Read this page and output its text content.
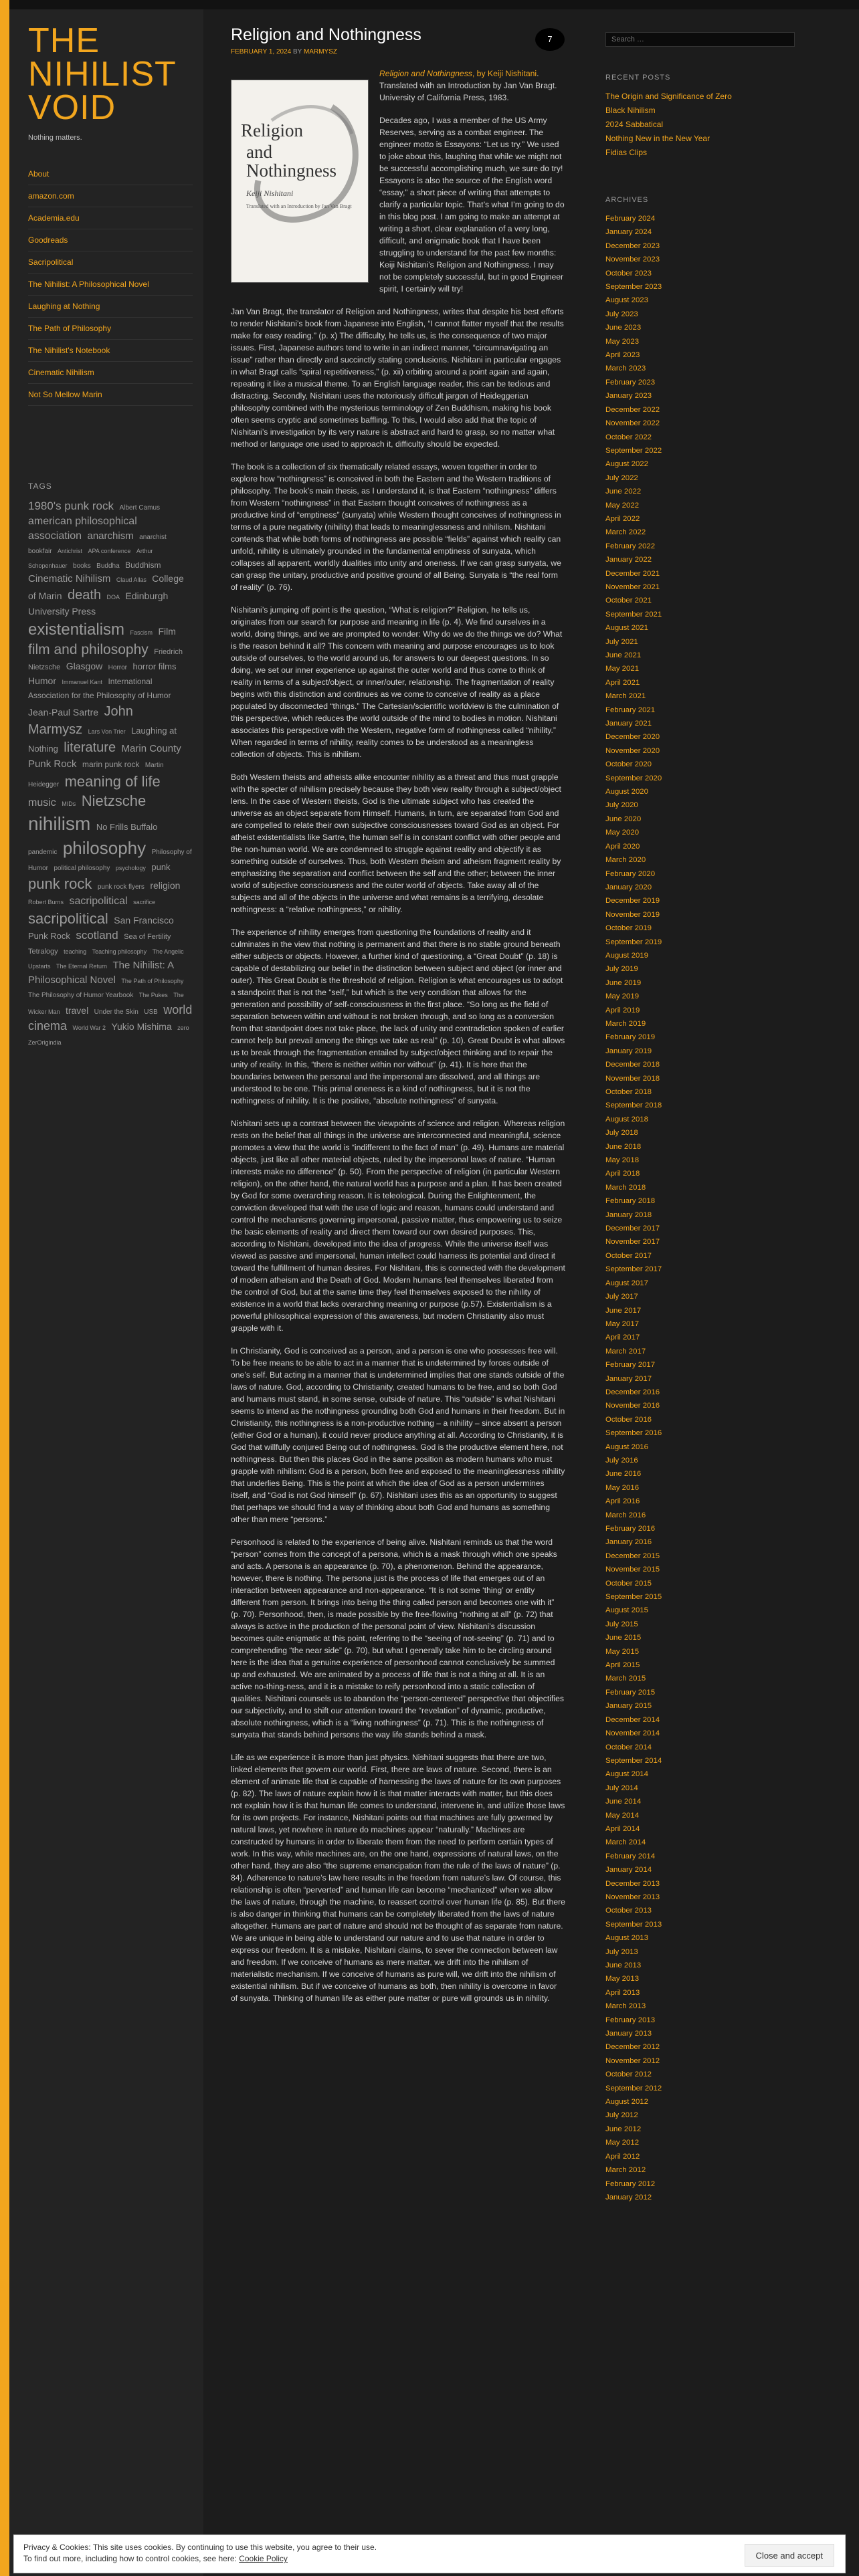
THE NIHILIST VOID
Nothing matters.
About
amazon.com
Academia.edu
Goodreads
Sacripolitical
The Nihilist: A Philosophical Novel
Laughing at Nothing
The Path of Philosophy
The Nihilist's Notebook
Cinematic Nihilism
Not So Mellow Marin
TAGS
1980's punk rock Albert Camus american philosophical association anarchism anarchist bookfair Antichrist APA conference Arthur Schopenhauer books Buddha Buddhism Cinematic Nihilism Claud Allas College of Marin death DOA Edinburgh University Press existentialism Fascism Film film and philosophy Friedrich Nietzsche Glasgow Horror horror films Humor Immanuel Kant International Association for the Philosophy of Humor Jean-Paul Sartre John Marmysz Lars Von Trier Laughing at Nothing literature Marin County Punk Rock marin punk rock Martin Heidegger meaning of life music MIDs Nietzsche nihilism No Frills Buffalo pandemic philosophy Philosophy of Humor political philosophy psychology punk punk rock punk rock flyers religion Robert Burns sacripolitical sacrifice sacripolitical San Francisco Punk Rock scotland Sea of Fertility Tetralogy teaching Teaching philosophy The Angelic Upstarts The Eternal Return The Nihilist: A Philosophical Novel The Path of Philosophy The Philosophy of Humor Yearbook The Pukes The Wicker Man travel Under the Skin USB world cinema World War 2 Yukio Mishima zero ZerOrigindia
Religion and Nothingness
FEBRUARY 1, 2024 BY MARMYSZ
7
Religion
and
Nothingness
Keiji Nishitani
Translated with an Introduction by Jan Van Bragt

Religion and Nothingness, by Keiji Nishitani. Translated with an Introduction by Jan Van Bragt. University of California Press, 1983.

Decades ago, I was a member of the US Army Reserves, serving as a combat engineer. The engineer motto is Essayons: “Let us try.” We used to joke about this, laughing that while we might not be successful accomplishing much, we sure do try! Essayons is also the source of the English word “essay,” a short piece of writing that attempts to clarify a particular topic. That’s what I’m going to do in this blog post. I am going to make an attempt at writing a short, clear explanation of a very long, difficult, and enigmatic book that I have been struggling to understand for the past few months: Keiji Nishitani’s Religion and Nothingness. I may not be completely successful, but in good Engineer spirit, I certainly will try!

Jan Van Bragt, the translator of Religion and Nothingness, writes that despite his best efforts to render Nishitani’s book from Japanese into English, “I cannot flatter myself that the results make for easy reading.” (p. x) The difficulty, he tells us, is the consequence of two major issues. First, Japanese authors tend to write in an indirect manner, “circumnavigating an issue” rather than directly and succinctly stating conclusions. Nishitani in particular engages in what Bragt calls “spiral repetitiveness,” (p. xii) orbiting around a point again and again, repeating it like a musical theme. To an English language reader, this can be tedious and distracting. Secondly, Nishitani uses the notoriously difficult jargon of Heideggerian philosophy combined with the mysterious terminology of Zen Buddhism, making his book often seems cryptic and sometimes baffling. To this, I would also add that the topic of Nishitani’s investigation by its very nature is abstract and hard to grasp, so no matter what method or language one used to approach it, difficulty should be expected.

The book is a collection of six thematically related essays, woven together in order to explore how “nothingness” is conceived in both the Eastern and the Western traditions of philosophy. The book’s main thesis, as I understand it, is that Eastern “nothingness” differs from Western “nothingness” in that Eastern thought conceives of nothingness as a productive kind of “emptiness” (sunyata) while Western thought conceives of nothingness in terms of a pure negativity (nihility) that leads to meaninglessness and nihilism. Nishitani contends that while both forms of nothingness are possible “fields” against which reality can unfold, nihility is ultimately grounded in the fundamental emptiness of sunyata, which collapses all apparent, worldly dualities into unity and oneness. If we can grasp sunyata, we can grasp the unitary, productive and positive ground of all Being. Sunyata is “the real form of reality” (p. 76).

Nishitani’s jumping off point is the question, “What is religion?” Religion, he tells us, originates from our search for purpose and meaning in life (p. 4). We find ourselves in a world, doing things, and we are prompted to wonder: Why do we do the things we do? What is the reason behind it all? This concern with meaning and purpose encourages us to look outside of ourselves, to the world around us, for answers to our deepest questions. In so doing, we set our inner experience up against the outer world and thus come to think of reality in terms of a subject/object, or inner/outer, relationship. The fragmentation of reality begins with this distinction and continues as we come to conceive of reality as a place populated by disconnected “things.” The Cartesian/scientific worldview is the culmination of this perspective, which reduces the world outside of the mind to bodies in motion. Nishitani associates this perspective with the Western, negative form of nothingness called “nihility.” When regarded in terms of nihility, reality comes to be understood as a meaningless collection of objects. This is nihilism.

Both Western theists and atheists alike encounter nihility as a threat and thus must grapple with the specter of nihilism precisely because they both view reality through a subject/object lens. In the case of Western theists, God is the ultimate subject who has created the universe as an object separate from Himself. Humans, in turn, are separated from God and are compelled to relate their own subjective consciousnesses toward God as an object. For atheist existentialists like Sartre, the human self is in constant conflict with other people and the non-human world. We are condemned to struggle against reality and objectify it as something outside of ourselves. Thus, both Western theism and atheism fragment reality by emphasizing the separation and conflict between the self and the other; between the inner world of subjective consciousness and the outer world of objects. Take away all of the subjects and all of the objects in the universe and what remains is a terrifying, desolate nothingness: a “relative nothingness,” or nihility.

The experience of nihility emerges from questioning the foundations of reality and it culminates in the view that nothing is permanent and that there is no stable ground beneath either subjects or objects. However, a further kind of questioning, a “Great Doubt” (p. 18) is capable of destabilizing our belief in the distinction between subject and object (or inner and outer). This Great Doubt is the threshold of religion. Religion is what encourages us to adopt a standpoint that is not the “self,” but which is the very condition that allows for the generation and possibility of self-consciousness in the first place. “So long as the field of separation between within and without is not broken through, and so long as a conversion from that standpoint does not take place, the lack of unity and contradiction spoken of earlier cannot help but prevail among the things we take as real” (p. 10). Great Doubt is what allows us to break through the fragmentation entailed by subject/object thinking and to repair the unity of reality. In this, “there is neither within nor without” (p. 41). It is here that the boundaries between the personal and the impersonal are dissolved, and all things are understood to be one. This primal oneness is a kind of nothingness, but it is not the nothingness of nihility. It is the positive, “absolute nothingness” of sunyata.

Nishitani sets up a contrast between the viewpoints of science and religion. Whereas religion rests on the belief that all things in the universe are interconnected and meaningful, science promotes a view that the world is “indifferent to the fact of man” (p. 49). Humans are material objects, just like all other material objects, ruled by the impersonal laws of nature. “Human interests make no difference” (p. 50). From the perspective of religion (in particular Western religion), on the other hand, the natural world has a purpose and a plan. It has been created by God for some overarching reason. It is teleological. During the Enlightenment, the conviction developed that with the use of logic and reason, humans could understand and control the mechanisms governing impersonal, passive matter, thus empowering us to seize the basic elements of reality and direct them toward our own desired purposes. This, according to Nishitani, developed into the idea of progress. While the universe itself was viewed as passive and impersonal, human intellect could harness its potential and direct it toward the fulfillment of human desires. For Nishitani, this is connected with the development of modern atheism and the Death of God. Modern humans feel themselves liberated from the control of God, but at the same time they feel themselves exposed to the nihility of existence in a world that lacks overarching meaning or purpose (p.57). Existentialism is a powerful philosophical expression of this awareness, but modern Christianity also must grapple with it.

In Christianity, God is conceived as a person, and a person is one who possesses free will. To be free means to be able to act in a manner that is undetermined by forces outside of one’s self. But acting in a manner that is undetermined implies that one stands outside of the laws of nature. God, according to Christianity, created humans to be free, and so both God and humans must stand, in some sense, outside of nature. This “outside” is what Nishitani seems to intend as the nothingness grounding both God and humans in their freedom. But in Christianity, this nothingness is a non-productive nothing – a nihility – since absent a person (either God or a human), it could never produce anything at all. According to Christianity, it is God that willfully conjured Being out of nothingness. God is the productive element here, not nothingness. But then this places God in the same position as modern humans who must grapple with nihilism: God is a person, both free and exposed to the meaninglessness nihility that underlies Being. This is the point at which the idea of God as a person undermines itself, and “God is not God himself” (p. 67). Nishitani uses this as an opportunity to suggest that perhaps we should find a way of thinking about both God and humans as something other than mere “persons.”

Personhood is related to the experience of being alive. Nishitani reminds us that the word “person” comes from the concept of a persona, which is a mask through which one speaks and acts. A persona is an appearance (p. 70), a phenomenon. Behind the appearance, however, there is nothing. The persona just is the process of life that emerges out of an interaction between appearance and non-appearance. “It is not some ‘thing’ or entity different from person. It brings into being the thing called person and becomes one with it” (p. 70). Personhood, then, is made possible by the free-flowing “nothing at all” (p. 72) that always is active in the production of the personal point of view. Nishitani’s discussion becomes quite enigmatic at this point, referring to the “seeing of not-seeing” (p. 71) and to comprehending “the near side” (p. 70), but what I generally take him to be circling around here is the idea that a genuine experience of personhood cannot conclusively be summed up and exhausted. We are animated by a process of life that is not a thing at all. It is an active no-thing-ness, and it is a mistake to reify personhood into a static collection of qualities. Nishitani counsels us to abandon the “person-centered” perspective that objectifies our subjectivity, and to shift our attention toward the “revelation” of dynamic, productive, absolute nothingness, which is a “living nothingness” (p. 71). This is the nothingness of sunyata that stands behind persons the way life stands behind a mask.

Life as we experience it is more than just physics. Nishitani suggests that there are two, linked elements that govern our world. First, there are laws of nature. Second, there is an element of animate life that is capable of harnessing the laws of nature for its own purposes (p. 82). The laws of nature explain how it is that matter interacts with matter, but this does not explain how it is that human life comes to understand, intervene in, and utilize those laws for its own projects. For instance, Nishitani points out that machines are fully governed by natural laws, yet nowhere in nature do machines appear “naturally.” Machines are constructed by humans in order to liberate them from the need to perform certain types of work. In this way, while machines are, on the one hand, expressions of natural laws, on the other hand, they are also “the supreme emancipation from the rule of the laws of nature” (p. 84). Adherence to nature’s law here results in the freedom from nature’s law. Of course, this relationship is often “perverted” and human life can become “mechanized” when we allow the laws of nature, through the machine, to reassert control over human life (p. 85). But there is also danger in thinking that humans can be completely liberated from the laws of nature altogether. Humans are part of nature and should not be thought of as separate from nature. We are unique in being able to understand our nature and to use that nature in order to express our freedom. It is a mistake, Nishitani claims, to sever the connection between law and freedom. If we conceive of humans as mere matter, we drift into the nihilism of materialistic mechanism. If we conceive of humans as pure will, we drift into the nihilism of existential nihilism. But if we conceive of humans as both, then nihility is overcome in favor of sunyata. Thinking of human life as either pure matter or pure will grounds us in nihility.

Search …
RECENT POSTS
The Origin and Significance of Zero
Black Nihilism
2024 Sabbatical
Nothing New in the New Year
Fidias Clips
ARCHIVES
February 2024
January 2024
December 2023
November 2023
October 2023
September 2023
August 2023
July 2023
June 2023
May 2023
April 2023
March 2023
February 2023
January 2023
December 2022
November 2022
October 2022
September 2022
August 2022
July 2022
June 2022
May 2022
April 2022
March 2022
February 2022
January 2022
December 2021
November 2021
October 2021
September 2021
August 2021
July 2021
June 2021
May 2021
April 2021
March 2021
February 2021
January 2021
December 2020
November 2020
October 2020
September 2020
August 2020
July 2020
June 2020
May 2020
April 2020
March 2020
February 2020
January 2020
December 2019
November 2019
October 2019
September 2019
August 2019
July 2019
June 2019
May 2019
April 2019
March 2019
February 2019
January 2019
December 2018
November 2018
October 2018
September 2018
August 2018
July 2018
June 2018
May 2018
April 2018
March 2018
February 2018
January 2018
December 2017
November 2017
October 2017
September 2017
August 2017
July 2017
June 2017
May 2017
April 2017
March 2017
February 2017
January 2017
December 2016
November 2016
October 2016
September 2016
August 2016
July 2016
June 2016
May 2016
April 2016
March 2016
February 2016
January 2016
December 2015
November 2015
October 2015
September 2015
August 2015
July 2015
June 2015
May 2015
April 2015
March 2015
February 2015
January 2015
December 2014
November 2014
October 2014
September 2014
August 2014
July 2014
June 2014
May 2014
April 2014
March 2014
February 2014
January 2014
December 2013
November 2013
October 2013
September 2013
August 2013
July 2013
June 2013
May 2013
April 2013
March 2013
February 2013
January 2013
December 2012
November 2012
October 2012
September 2012
August 2012
July 2012
June 2012
May 2012
April 2012
March 2012
February 2012
January 2012
Privacy & Cookies: This site uses cookies. By continuing to use this website, you agree to their use.
To find out more, including how to control cookies, see here: Cookie Policy	Close and accept
